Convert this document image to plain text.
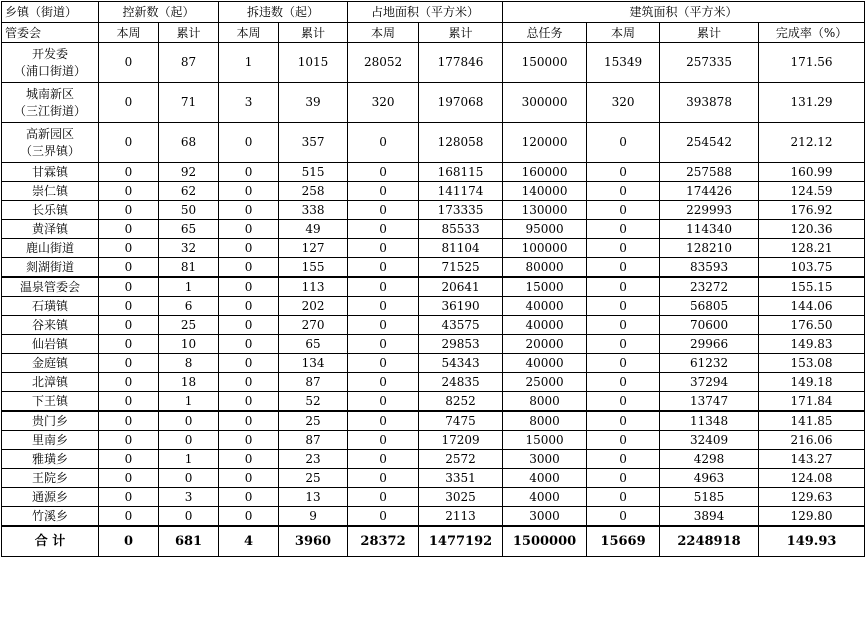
乡镇（街道）	控新数（起）		拆违数（起）		占地面积（平方米）		建筑面积（平方米）			
管委会	本周	累计	本周	累计	本周	累计	总任务	本周	累计	完成率（%）
开发委
（浦口街道）	0	87	1	1015	28052	177846	150000	15349	257335	171.56
城南新区
（三江街道）	0	71	3	39	320	197068	300000	320	393878	131.29
高新园区
（三界镇）	0	68	0	357	0	128058	120000	0	254542	212.12
甘霖镇	0	92	0	515	0	168115	160000	0	257588	160.99
崇仁镇	0	62	0	258	0	141174	140000	0	174426	124.59
长乐镇	0	50	0	338	0	173335	130000	0	229993	176.92
黄泽镇	0	65	0	49	0	85533	95000	0	114340	120.36
鹿山街道	0	32	0	127	0	81104	100000	0	128210	128.21
剡湖街道	0	81	0	155	0	71525	80000	0	83593	103.75
温泉管委会	0	1	0	113	0	20641	15000	0	23272	155.15
石璜镇	0	6	0	202	0	36190	40000	0	56805	144.06
谷来镇	0	25	0	270	0	43575	40000	0	70600	176.50
仙岩镇	0	10	0	65	0	29853	20000	0	29966	149.83
金庭镇	0	8	0	134	0	54343	40000	0	61232	153.08
北漳镇	0	18	0	87	0	24835	25000	0	37294	149.18
下王镇	0	1	0	52	0	8252	8000	0	13747	171.84
贵门乡	0	0	0	25	0	7475	8000	0	11348	141.85
里南乡	0	0	0	87	0	17209	15000	0	32409	216.06
雅璜乡	0	1	0	23	0	2572	3000	0	4298	143.27
王院乡	0	0	0	25	0	3351	4000	0	4963	124.08
通源乡	0	3	0	13	0	3025	4000	0	5185	129.63
竹溪乡	0	0	0	9	0	2113	3000	0	3894	129.80
合 计	0	681	4	3960	28372	1477192	1500000	15669	2248918	149.93
